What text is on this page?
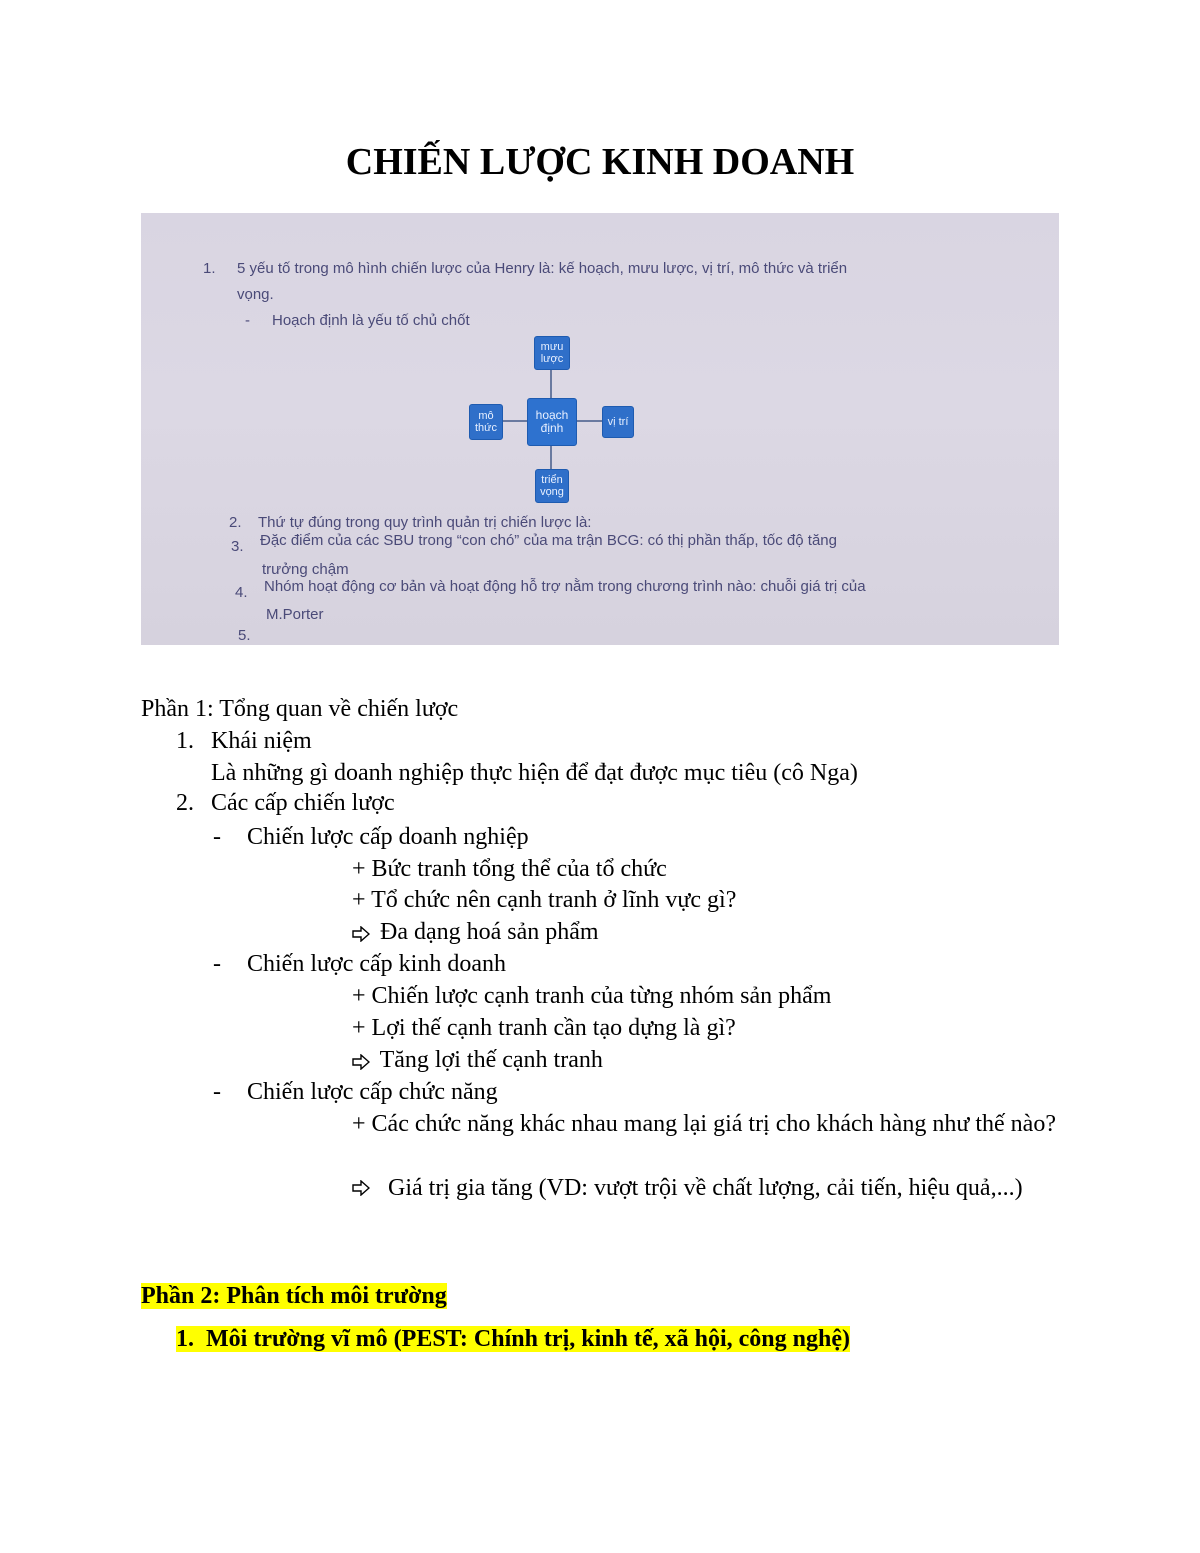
CHIẾN LƯỢC KINH DOANH
1. 5 yếu tố trong mô hình chiến lược của Henry là: kế hoạch, mưu lược, vị trí, mô thức và triển
vọng.
- Hoạch định là yếu tố chủ chốt
mưu lược
hoạch định
mô thức	vị trí
triển vọng
2. Thứ tự đúng trong quy trình quản trị chiến lược là:
3. Đặc điểm của các SBU trong “con chó” của ma trận BCG: có thị phần thấp, tốc độ tăng
trưởng chậm
4. Nhóm hoạt động cơ bản và hoạt động hỗ trợ nằm trong chương trình nào: chuỗi giá trị của
M.Porter
5.
Phần 1: Tổng quan về chiến lược
1. Khái niệm
Là những gì doanh nghiệp thực hiện để đạt được mục tiêu (cô Nga)
2. Các cấp chiến lược
- Chiến lược cấp doanh nghiệp
+ Bức tranh tổng thể của tổ chức
+ Tổ chức nên cạnh tranh ở lĩnh vực gì?
Đa dạng hoá sản phẩm
- Chiến lược cấp kinh doanh
+ Chiến lược cạnh tranh của từng nhóm sản phẩm
+ Lợi thế cạnh tranh cần tạo dựng là gì?
Tăng lợi thế cạnh tranh
- Chiến lược cấp chức năng
+ Các chức năng khác nhau mang lại giá trị cho khách hàng như thế nào?
Giá trị gia tăng (VD: vượt trội về chất lượng, cải tiến, hiệu quả,...)
Phần 2: Phân tích môi trường
1. Môi trường vĩ mô (PEST: Chính trị, kinh tế, xã hội, công nghệ)
